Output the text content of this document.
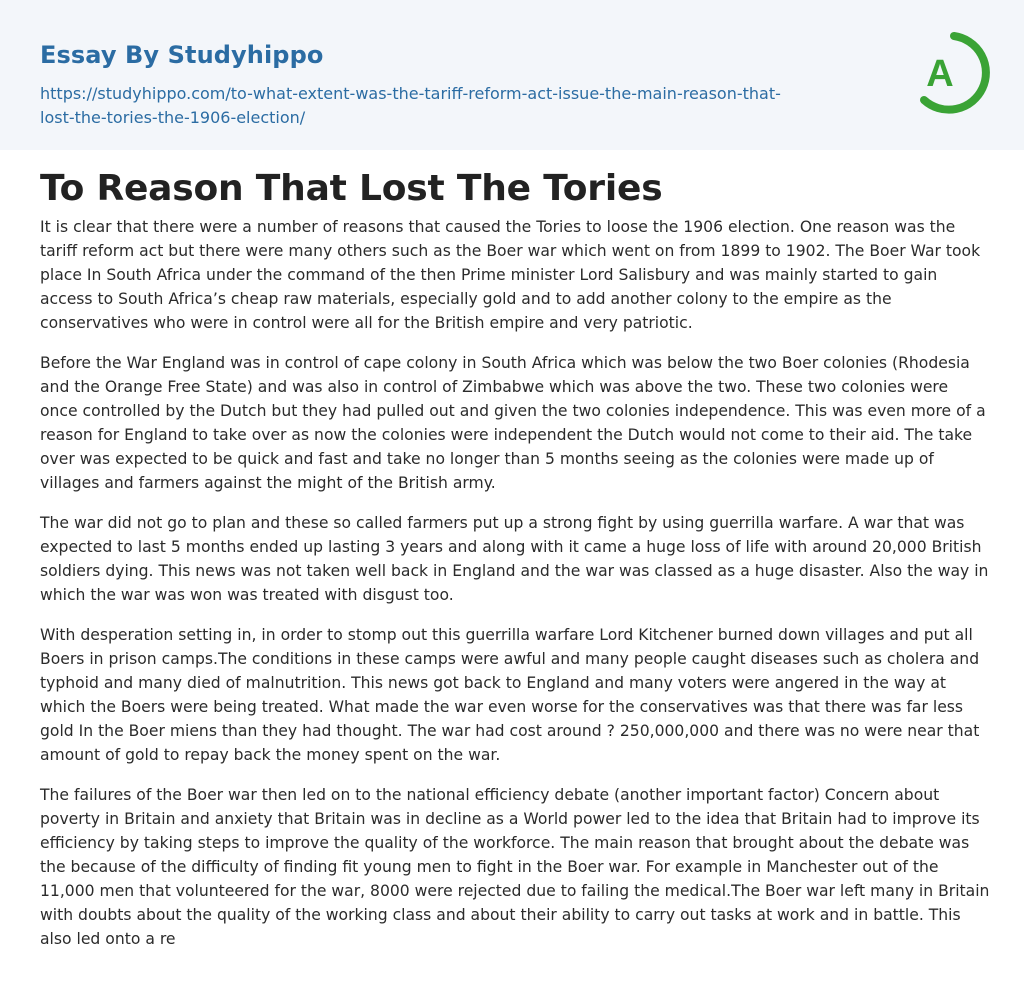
Essay By Studyhippo
https://studyhippo.com/to-what-extent-was-the-tariff-reform-act-issue-the-main-reason-that-
lost-the-tories-the-1906-election/
A
To Reason That Lost The Tories

It is clear that there were a number of reasons that caused the Tories to loose the 1906 election. One reason was the tariff reform act but there were many others such as the Boer war which went on from 1899 to 1902. The Boer War took place In South Africa under the command of the then Prime minister Lord Salisbury and was mainly started to gain access to South Africa’s cheap raw materials, especially gold and to add another colony to the empire as the conservatives who were in control were all for the British empire and very patriotic.

Before the War England was in control of cape colony in South Africa which was below the two Boer colonies (Rhodesia and the Orange Free State) and was also in control of Zimbabwe which was above the two. These two colonies were once controlled by the Dutch but they had pulled out and given the two colonies independence. This was even more of a reason for England to take over as now the colonies were independent the Dutch would not come to their aid. The take over was expected to be quick and fast and take no longer than 5 months seeing as the colonies were made up of villages and farmers against the might of the British army.

The war did not go to plan and these so called farmers put up a strong fight by using guerrilla warfare. A war that was expected to last 5 months ended up lasting 3 years and along with it came a huge loss of life with around 20,000 British soldiers dying. This news was not taken well back in England and the war was classed as a huge disaster. Also the way in which the war was won was treated with disgust too.

With desperation setting in, in order to stomp out this guerrilla warfare Lord Kitchener burned down villages and put all Boers in prison camps.The conditions in these camps were awful and many people caught diseases such as cholera and typhoid and many died of malnutrition. This news got back to England and many voters were angered in the way at which the Boers were being treated. What made the war even worse for the conservatives was that there was far less gold In the Boer miens than they had thought. The war had cost around ? 250,000,000 and there was no were near that amount of gold to repay back the money spent on the war.

The failures of the Boer war then led on to the national efficiency debate (another important factor) Concern about poverty in Britain and anxiety that Britain was in decline as a World power led to the idea that Britain had to improve its efficiency by taking steps to improve the quality of the workforce. The main reason that brought about the debate was the because of the difficulty of finding fit young men to fight in the Boer war. For example in Manchester out of the 11,000 men that volunteered for the war, 8000 were rejected due to failing the medical.The Boer war left many in Britain with doubts about the quality of the working class and about their ability to carry out tasks at work and in battle. This also led onto a re
